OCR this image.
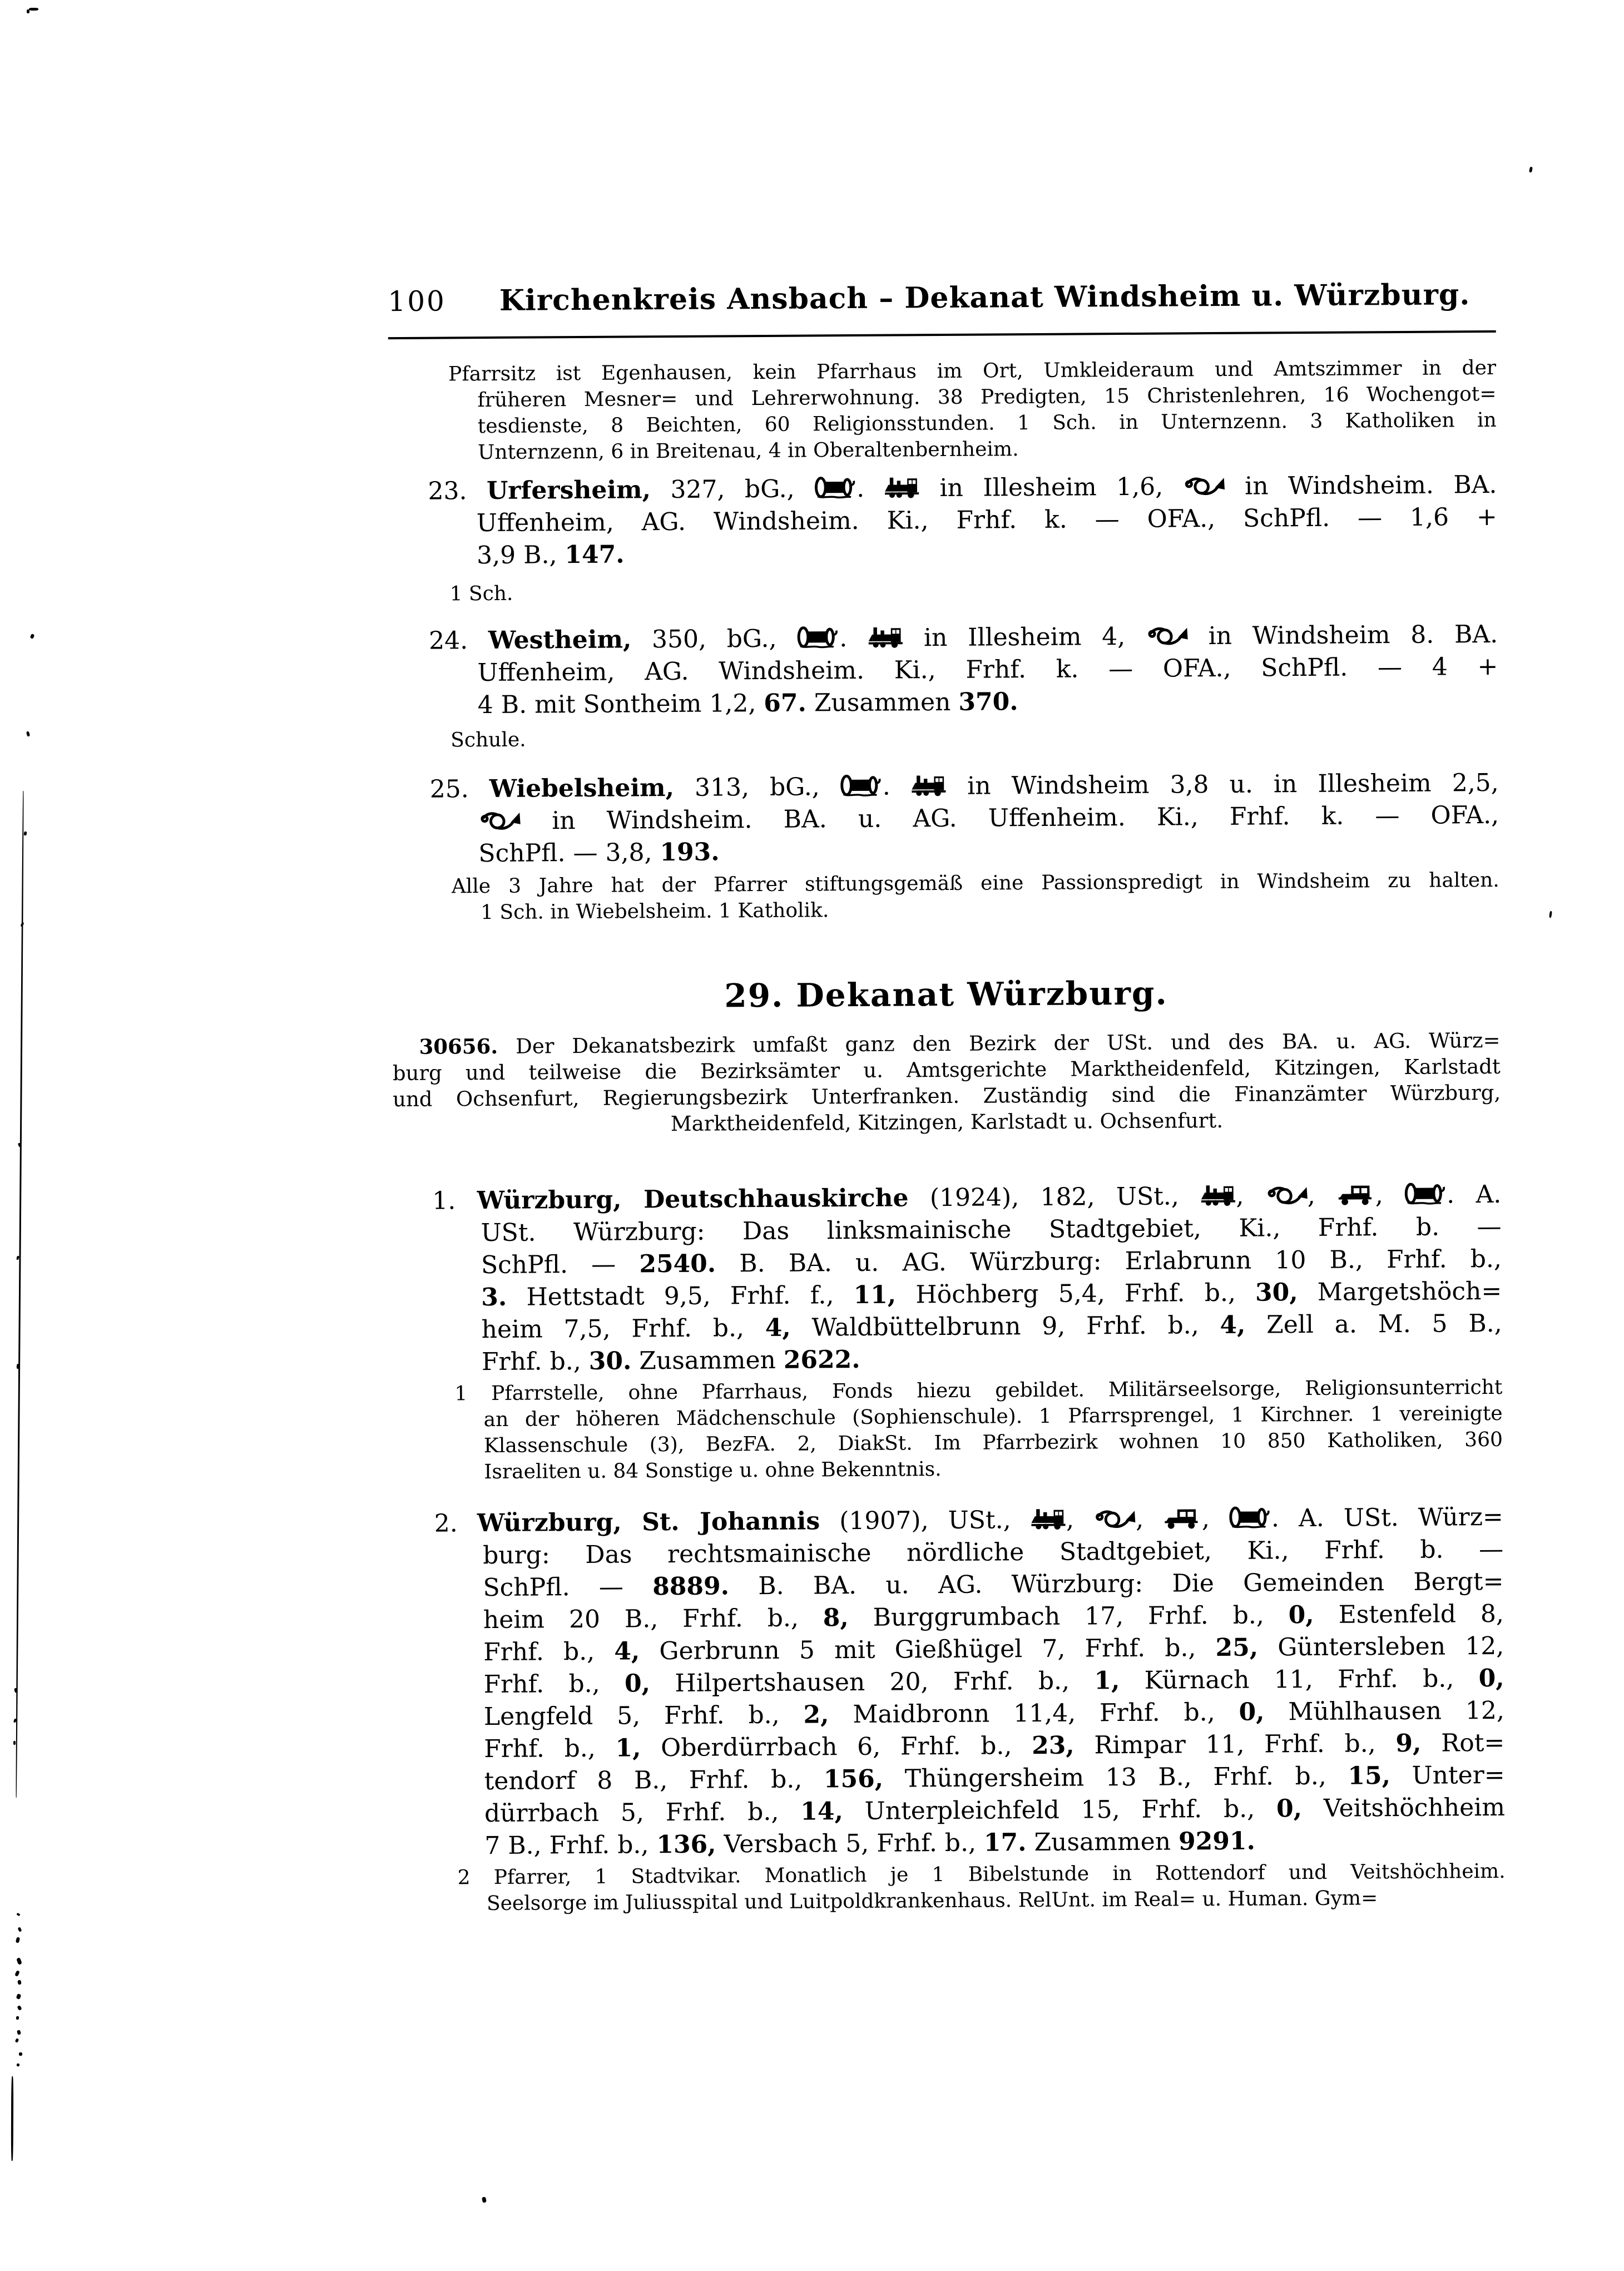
100	Kirchenkreis Ansbach – Dekanat Windsheim u. Würzburg.
Pfarrsitz ist Egenhausen, kein Pfarrhaus im Ort, Umkleideraum und Amtszimmer in der
früheren Mesner= und Lehrerwohnung. 38 Predigten, 15 Christenlehren, 16 Wochengot=
tesdienste, 8 Beichten, 60 Religionsstunden. 1 Sch. in Unternzenn. 3 Katholiken in
Unternzenn, 6 in Breitenau, 4 in Oberaltenbernheim.
23. Urfersheim, 327, bG., .  in Illesheim 1,6,  in Windsheim. BA.
Uffenheim, AG. Windsheim. Ki., Frhf. k. — OFA., SchPfl. — 1,6 +
3,9 B., 147.
1 Sch.
24. Westheim, 350, bG., .  in Illesheim 4,  in Windsheim 8. BA.
Uffenheim, AG. Windsheim. Ki., Frhf. k. — OFA., SchPfl. — 4 +
4 B. mit Sontheim 1,2, 67. Zusammen 370.
Schule.
25. Wiebelsheim, 313, bG., .  in Windsheim 3,8 u. in Illesheim 2,5,
in Windsheim. BA. u. AG. Uffenheim. Ki., Frhf. k. — OFA.,
SchPfl. — 3,8, 193.
Alle 3 Jahre hat der Pfarrer stiftungsgemäß eine Passionspredigt in Windsheim zu halten.
1 Sch. in Wiebelsheim. 1 Katholik.
29. Dekanat Würzburg.
30656. Der Dekanatsbezirk umfaßt ganz den Bezirk der USt. und des BA. u. AG. Würz=
burg und teilweise die Bezirksämter u. Amtsgerichte Marktheidenfeld, Kitzingen, Karlstadt
und Ochsenfurt, Regierungsbezirk Unterfranken. Zuständig sind die Finanzämter Würzburg,
Marktheidenfeld, Kitzingen, Karlstadt u. Ochsenfurt.
1. Würzburg, Deutschhauskirche (1924), 182, USt., , , , . A.
USt. Würzburg: Das linksmainische Stadtgebiet, Ki., Frhf. b. —
SchPfl. — 2540. B. BA. u. AG. Würzburg: Erlabrunn 10 B., Frhf. b.,
3. Hettstadt 9,5, Frhf. f., 11, Höchberg 5,4, Frhf. b., 30, Margetshöch=
heim 7,5, Frhf. b., 4, Waldbüttelbrunn 9, Frhf. b., 4, Zell a. M. 5 B.,
Frhf. b., 30. Zusammen 2622.
1 Pfarrstelle, ohne Pfarrhaus, Fonds hiezu gebildet. Militärseelsorge, Religionsunterricht
an der höheren Mädchenschule (Sophienschule). 1 Pfarrsprengel, 1 Kirchner. 1 vereinigte
Klassenschule (3), BezFA. 2, DiakSt. Im Pfarrbezirk wohnen 10 850 Katholiken, 360
Israeliten u. 84 Sonstige u. ohne Bekenntnis.
2. Würzburg, St. Johannis (1907), USt., , , , . A. USt. Würz=
burg: Das rechtsmainische nördliche Stadtgebiet, Ki., Frhf. b. —
SchPfl. — 8889. B. BA. u. AG. Würzburg: Die Gemeinden Bergt=
heim 20 B., Frhf. b., 8, Burggrumbach 17, Frhf. b., 0, Estenfeld 8,
Frhf. b., 4, Gerbrunn 5 mit Gießhügel 7, Frhf. b., 25, Güntersleben 12,
Frhf. b., 0, Hilpertshausen 20, Frhf. b., 1, Kürnach 11, Frhf. b., 0,
Lengfeld 5, Frhf. b., 2, Maidbronn 11,4, Frhf. b., 0, Mühlhausen 12,
Frhf. b., 1, Oberdürrbach 6, Frhf. b., 23, Rimpar 11, Frhf. b., 9, Rot=
tendorf 8 B., Frhf. b., 156, Thüngersheim 13 B., Frhf. b., 15, Unter=
dürrbach 5, Frhf. b., 14, Unterpleichfeld 15, Frhf. b., 0, Veitshöchheim
7 B., Frhf. b., 136, Versbach 5, Frhf. b., 17. Zusammen 9291.
2 Pfarrer, 1 Stadtvikar. Monatlich je 1 Bibelstunde in Rottendorf und Veitshöchheim.
Seelsorge im Juliusspital und Luitpoldkrankenhaus. RelUnt. im Real= u. Human. Gym=
